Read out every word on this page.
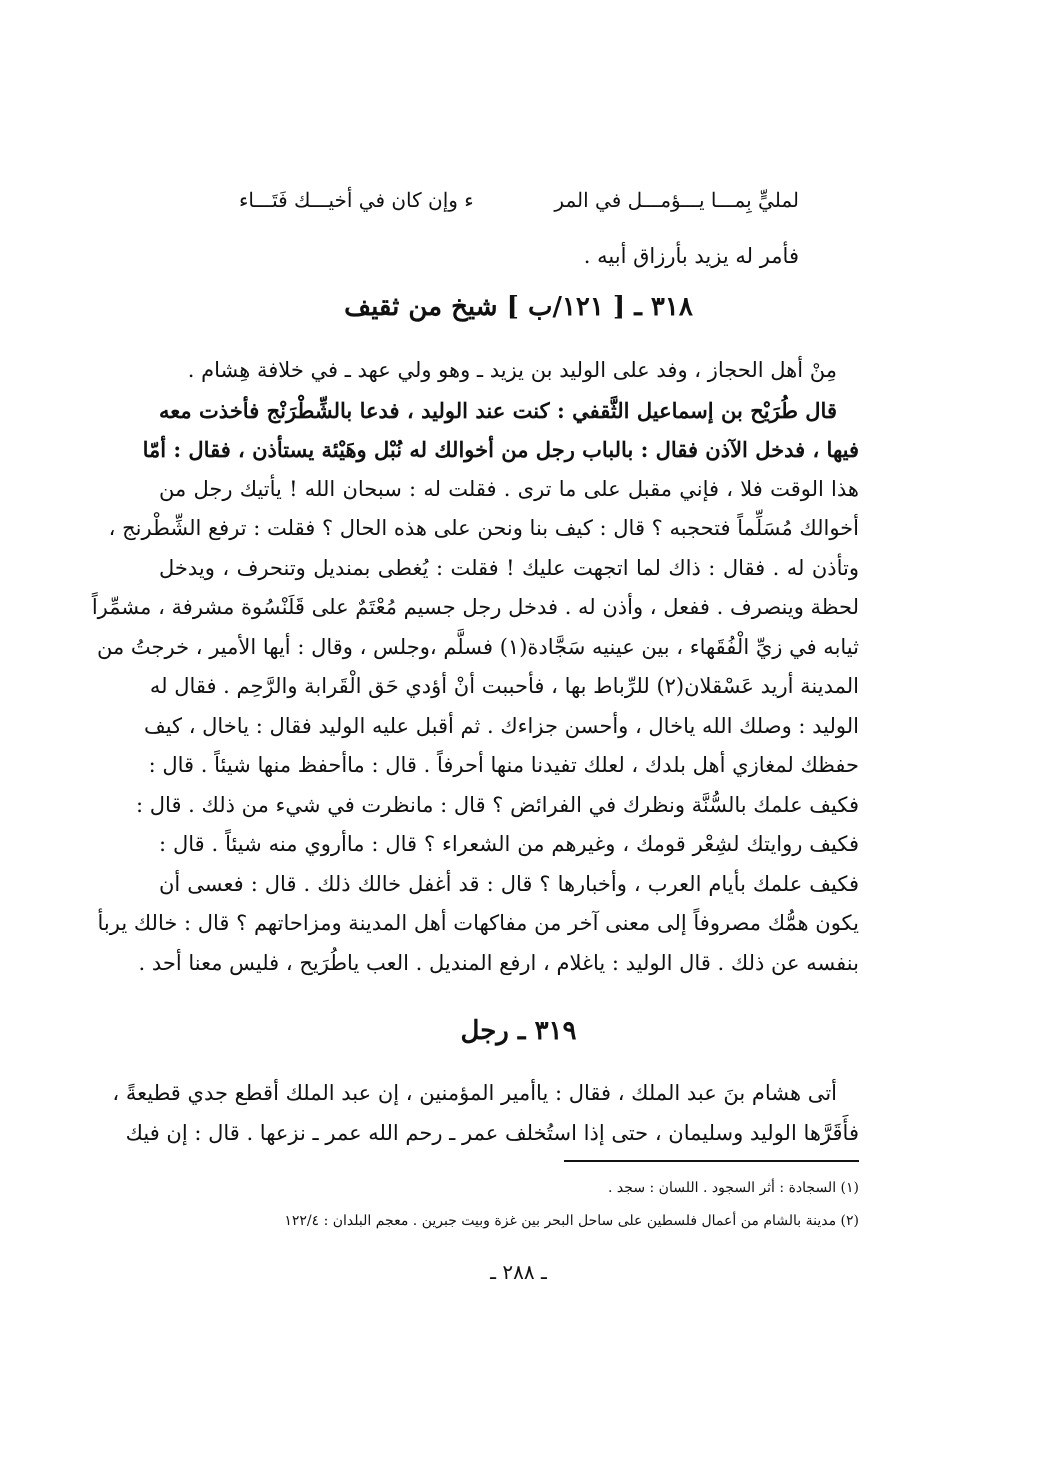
لمليٍّ بِمـــا يـــؤمـــل في المر
ء وإن كان في أخيـــك فَتَـــاء
فأمر له يزيد بأرزاق أبيه .
٣١٨ ـ [ ١٢١/ب ] شيخ من ثقيف
مِنْ أهل الحجاز ، وفد على الوليد بن يزيد ـ وهو ولي عهد ـ في خلافة هِشام .
قال طُرَيْح بن إسماعيل الثَّقفي : كنت عند الوليد ، فدعا بالشِّطْرَنْج فأخذت معه
فيها ، فدخل الآذن فقال : بالباب رجل من أخوالك له نُبْل وهَيْئة يستأذن ، فقال : أمّا
هذا الوقت فلا ، فإني مقبل على ما ترى . فقلت له : سبحان الله ! يأتيك رجل من
أخوالك مُسَلِّماً فتحجبه ؟ قال : كيف بنا ونحن على هذه الحال ؟ فقلت : ترفع الشِّطْرنج ،
وتأذن له . فقال : ذاك لما اتجهت عليك ! فقلت : يُغطى بمنديل وتنحرف ، ويدخل
لحظة وينصرف . ففعل ، وأذن له . فدخل رجل جسيم مُعْتَمٌ على قَلَنْسُوة مشرفة ، مشمِّراً
ثيابه في زيِّ الْفُقَهاء ، بين عينيه سَجَّادة(١) فسلَّم ،وجلس ، وقال : أيها الأمير ، خرجتُ من
المدينة أريد عَسْقلان(٢) للرِّباط بها ، فأحببت أنْ أؤدي حَق الْقَرابة والرَّحِم . فقال له
الوليد : وصلك الله ياخال ، وأحسن جزاءك . ثم أقبل عليه الوليد فقال : ياخال ، كيف
حفظك لمغازي أهل بلدك ، لعلك تفيدنا منها أحرفاً . قال : ماأحفظ منها شيئاً . قال :
فكيف علمك بالسُّنَّة ونظرك في الفرائض ؟ قال : مانظرت في شيء من ذلك . قال :
فكيف روايتك لشِعْر قومك ، وغيرهم من الشعراء ؟ قال : ماأروي منه شيئاً . قال :
فكيف علمك بأيام العرب ، وأخبارها ؟ قال : قد أغفل خالك ذلك . قال : فعسى أن
يكون همُّك مصروفاً إلى معنى آخر من مفاكهات أهل المدينة ومزاحاتهم ؟ قال : خالك يربأ
بنفسه عن ذلك . قال الوليد : ياغلام ، ارفع المنديل . العب ياطُرَيح ، فليس معنا أحد .
٣١٩ ـ رجل
أتى هشام بنَ عبد الملك ، فقال : ياأمير المؤمنين ، إن عبد الملك أقطع جدي قطيعةً ،
فأَقَرَّها الوليد وسليمان ، حتى إذا استُخلف عمر ـ رحم الله عمر ـ نزعها . قال : إن فيك
(١) السجادة : أثر السجود . اللسان : سجد .
(٢) مدينة بالشام من أعمال فلسطين على ساحل البحر بين غزة وبيت جبرين . معجم البلدان : ١٢٢/٤
ـ ٢٨٨ ـ
